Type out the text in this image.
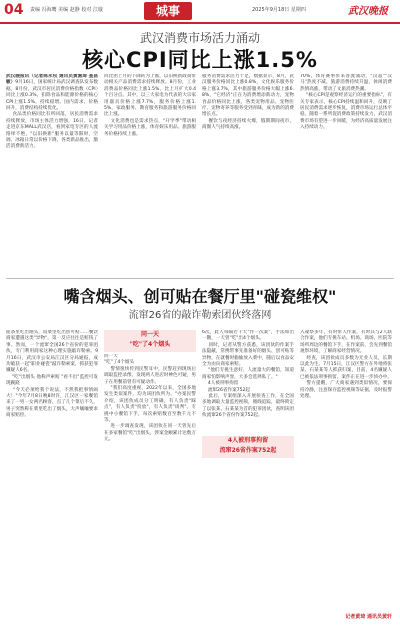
04 责编 冯海鹰 美编 赵静 校对 江璇	城事	2025年9月18日 星期四	武汉晚报
武汉消费市场活力涌动
核心CPI同比上涨1.5%
武汉晚报讯（记者陈永权 通讯员黄湘琦 查昌敏）9月16日，国家统计局武汉调查队发布数据，8月份，武汉市居民消费价格指数（CPI）同比上涨0.3%，扣除食品和能源价格的核心CPI上涨1.5%，持续稳增。国内需求、价格回升，消费结构持续优化。
食品类价格同比有所回落，居民消费需求持续释放，市场主体活力增强，16日，记者走进京东MALL武汉店，看到家电专区的人流络绎不绝，"以旧换新"服务以量等限时，空调、冰箱日常以价格下降，各类新品推出，激活消费新活力。
同比由上月的下降转为上涨，以旧换新政策带动相关产品消费需求持续释放。8月份，工业消费品价格同比上涨1.5%，比上月扩大0.4个百分点。其中，以三大家电为代表的大宗家用器具价格上涨7.7%，服务价格上涨1.5%，家政服务、教育服务和旅游服务价格同比上涨。
文化消费也是需求热点，"开学季"带动相关学习用品价格上涨，体育娱乐用品、旅游服务价格持续上涨。
服务消费需求活力十足，数据显示，8月，武汉服务价格同比上涨0.8%，文化娱乐服务价格上涨3.7%，其中旅游服务价格大幅上涨6.8%，"它经济"正在为消费增添新动力，宠物食品价格同比上涨，各类宠物用品、宠物医疗、宠物寄养等服务受到青睐，成为新的消费增长点。
餐饮与夜经济持续火爆，假期期间夜市、商圈人气持续高涨。
70%，体育赛事带来客流涌动，"汉超""汉马"热度不减，旅游消费持续升温，休闲消费热情高涨，带动了文旅消费热潮。
"核心CPI是观察经济运行的重要指标"，有关专家表示，核心CPI持续温和回升，反映了居民消费需求逐步恢复，消费市场运行总体平稳，随着一系列促消费政策持续发力，武汉消费市场有望进一步回暖，为经济高质量发展注入持续动力。
嘴含烟头、创可贴在餐厅里"碰瓷维权"
流窜26省的敲诈勒索团伙终落网
面条里吃出烟头，饭菜里吃出创可贴……餐饮商家遭遇这类"异物"，第一反应往往是赔钱了事。然而，一个流窜全国26个省份的犯罪团伙，专门利用商家这种心理实施敲诈勒索。9月16日，武汉市公安局江汉区分局通报，成功破获一起"职业碰瓷"敲诈勒索案，抓获犯罪嫌疑人6名。
"吃"出烟头 他称声索赔 "看不出"监控可发现蹊跷
"今天必须给我个说法，不然我把事情闹大！"今年7月8日晚8时许，江汉区一家餐馆来了一男一女两名顾客，点了几个菜后不久，男子突然称在菜里吃出了烟头，大声嚷嚷要求商家赔偿。
同一天
"吃"了4个烟头
同一天
"吃"了4个烟头
警情很快传到民警耳中，民警赶到现场后调取监控录像，发现两人进店时神色可疑，男子在用餐前曾有可疑动作。
"我们高度重视，2022年以来，全国多地发生类似案件，均为该团伙所为。"办案民警介绍，该团伙成员分工明确，有人负责"踩点"，有人负责"投放"，有人负责"谈判"。专挑中小餐馆下手，每次索赔数百至数千元不等。
进一步调查发现，该团伙在同一天曾先后在多家餐馆"吃"出烟头，涉案金额累计达数万元。
6次，此人每隔若干天"作一次案"，手法如出一辙，一天曾"吃"出4个烟头。
同时，记者从警方获悉，该团伙的作案手法隐蔽，常携带事先准备好的烟头、创可贴等异物，在就餐时偷偷放入菜中，随后以食品安全为由向商家索赔。
"他们专挑生意好、人流量大的餐馆，知道商家怕影响声誉，大多会选择私了。"
4人被刑事拘留
流窜26省作案752起
此后，专案组深入开展侦查工作，在全国多地调取大量监控视频，循线追踪，最终锁定了以张某、石某某为首的犯罪团伙，查明该团伙流窜26个省份作案752起。
4人被刑事拘留
流窜26省作案752起
入窥察多年，有时带人作案，有时其与2人联合作案，他们专挑车站、机场、商场、医院等场所周边的餐馆下手，在作案前，会先到餐馆观察环境，了解商家经营情况。
经查，该团伙成员多数为无业人员，长期以此为生。7月15日，江汉区警方在外地将张某、石某某等人抓获归案，目前，4名嫌疑人已被依法刑事拘留，案件正在进一步侦办中。
警方提醒，广大商家遇到类似情况，要保持冷静，注意保存监控视频等证据，及时报警处理。
记者黄琦 通讯员黄轩
